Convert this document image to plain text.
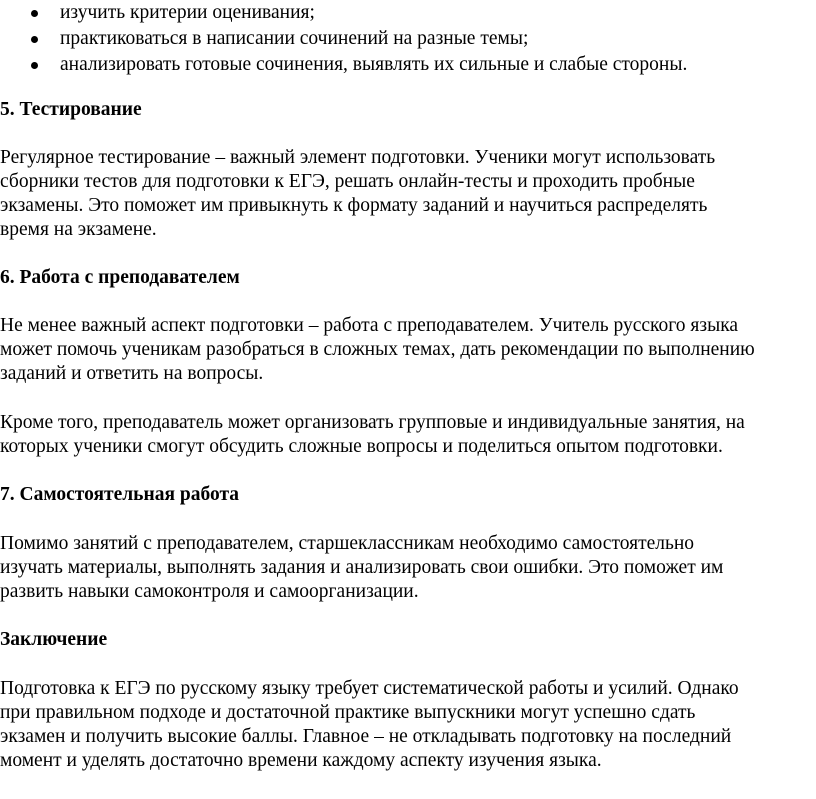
изучить критерии оценивания;
практиковаться в написании сочинений на разные темы;
анализировать готовые сочинения, выявлять их сильные и слабые стороны.
5. Тестирование

Регулярное тестирование – важный элемент подготовки. Ученики могут использовать
сборники тестов для подготовки к ЕГЭ, решать онлайн-тесты и проходить пробные
экзамены. Это поможет им привыкнуть к формату заданий и научиться распределять
время на экзамене.

6. Работа с преподавателем

Не менее важный аспект подготовки – работа с преподавателем. Учитель русского языка
может помочь ученикам разобраться в сложных темах, дать рекомендации по выполнению
заданий и ответить на вопросы.

Кроме того, преподаватель может организовать групповые и индивидуальные занятия, на
которых ученики смогут обсудить сложные вопросы и поделиться опытом подготовки.

7. Самостоятельная работа

Помимо занятий с преподавателем, старшеклассникам необходимо самостоятельно
изучать материалы, выполнять задания и анализировать свои ошибки. Это поможет им
развить навыки самоконтроля и самоорганизации.

Заключение

Подготовка к ЕГЭ по русскому языку требует систематической работы и усилий. Однако
при правильном подходе и достаточной практике выпускники могут успешно сдать
экзамен и получить высокие баллы. Главное – не откладывать подготовку на последний
момент и уделять достаточно времени каждому аспекту изучения языка.
